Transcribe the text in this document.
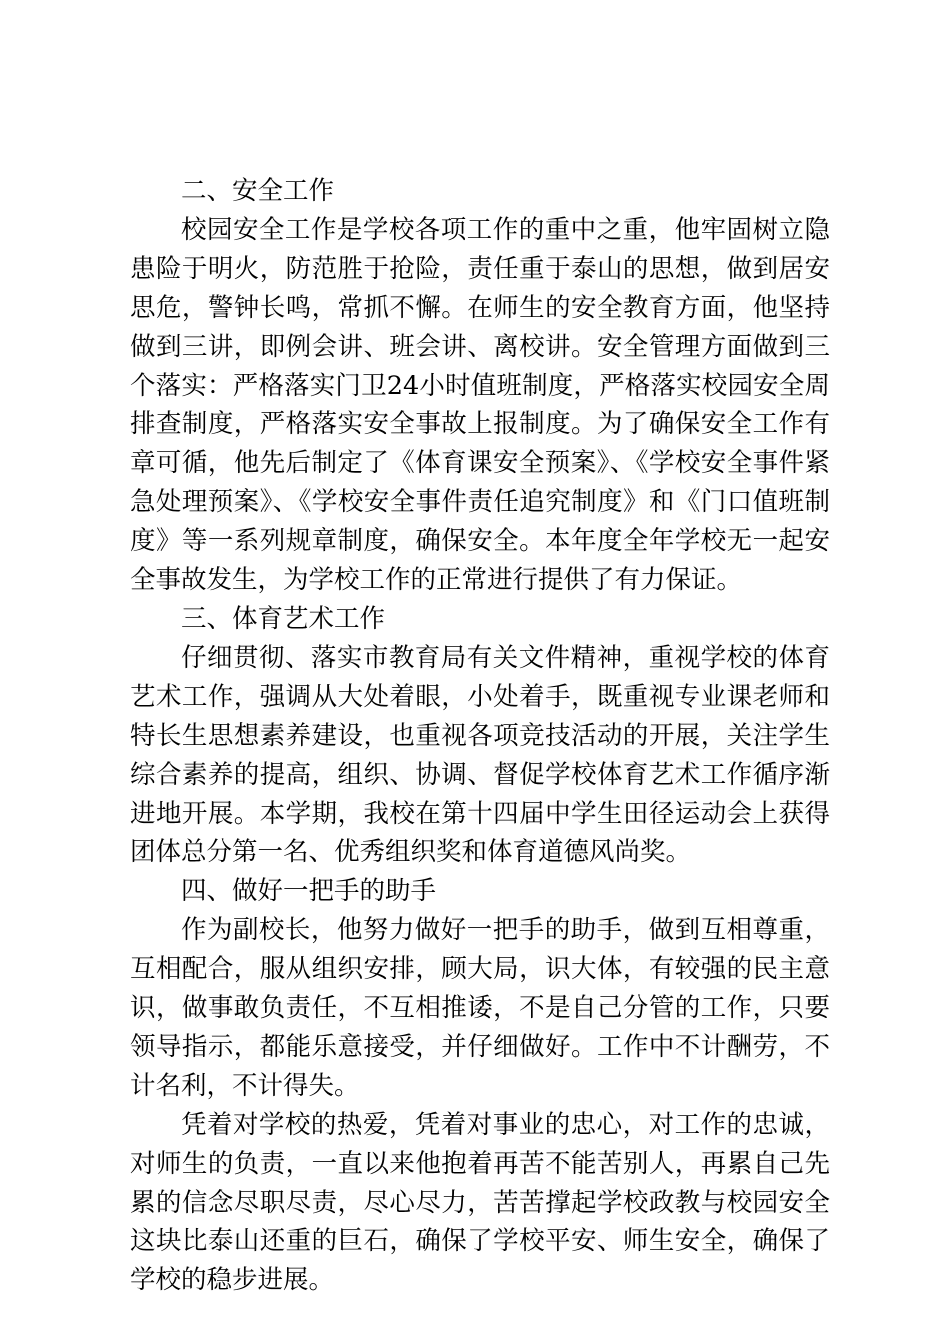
二、安全工作

校园安全工作是学校各项工作的重中之重，他牢固树立隐患险于明火，防范胜于抢险，责任重于泰山的思想，做到居安思危，警钟长鸣，常抓不懈。在师生的安全教育方面，他坚持做到三讲，即例会讲、班会讲、离校讲。安全管理方面做到三个落实：严格落实门卫24小时值班制度，严格落实校园安全周排查制度，严格落实安全事故上报制度。为了确保安全工作有章可循，他先后制定了《体育课安全预案》、《学校安全事件紧急处理预案》、《学校安全事件责任追究制度》和《门口值班制度》等一系列规章制度，确保安全。本年度全年学校无一起安全事故发生，为学校工作的正常进行提供了有力保证。

三、体育艺术工作

仔细贯彻、落实市教育局有关文件精神，重视学校的体育艺术工作，强调从大处着眼，小处着手，既重视专业课老师和特长生思想素养建设，也重视各项竞技活动的开展，关注学生综合素养的提高，组织、协调、督促学校体育艺术工作循序渐进地开展。本学期，我校在第十四届中学生田径运动会上获得团体总分第一名、优秀组织奖和体育道德风尚奖。

四、做好一把手的助手

作为副校长，他努力做好一把手的助手，做到互相尊重，互相配合，服从组织安排，顾大局，识大体，有较强的民主意识，做事敢负责任，不互相推诿，不是自己分管的工作，只要领导指示，都能乐意接受，并仔细做好。工作中不计酬劳，不计名利，不计得失。

凭着对学校的热爱，凭着对事业的忠心，对工作的忠诚，对师生的负责，一直以来他抱着再苦不能苦别人，再累自己先累的信念尽职尽责，尽心尽力，苦苦撑起学校政教与校园安全这块比泰山还重的巨石，确保了学校平安、师生安全，确保了学校的稳步进展。
